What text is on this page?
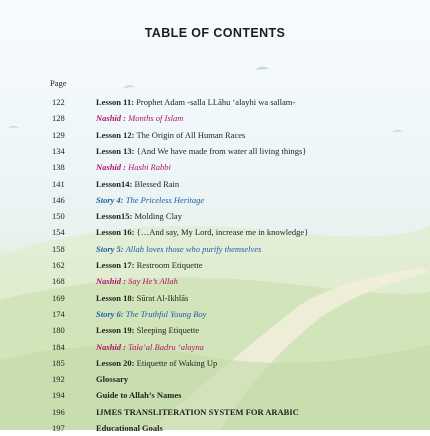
TABLE OF CONTENTS
Page
122	Lesson 11: Prophet Adam -salla LLāhu ‘alayhi wa sallam-
128	Nashid : Months of Islam
129	Lesson 12: The Origin of All Human Races
134	Lesson 13: {And We have made from water all living things}
138	Nashid : Hasbi Rabbi
141	Lesson14: Blessed Rain
146	Story 4: The Priceless Heritage
150	Lesson15: Molding Clay
154	Lesson 16: {…And say, My Lord, increase me in knowledge}
158	Story 5: Allah loves those who purify themselves
162	Lesson 17: Restroom Etiquette
168	Nashid : Say He’s Allah
169	Lesson 18: Sūrat Al-Ikhlās
174	Story 6: The Truthful Young Boy
180	Lesson 19: Sleeping Etiquette
184	Nashid : Tala’al Badru ‘alayna
185	Lesson 20: Etiquette of Waking Up
192	Glossary
194	Guide to Allah’s Names
196	IJMES TRANSLITERATION SYSTEM FOR ARABIC
197	Educational Goals
